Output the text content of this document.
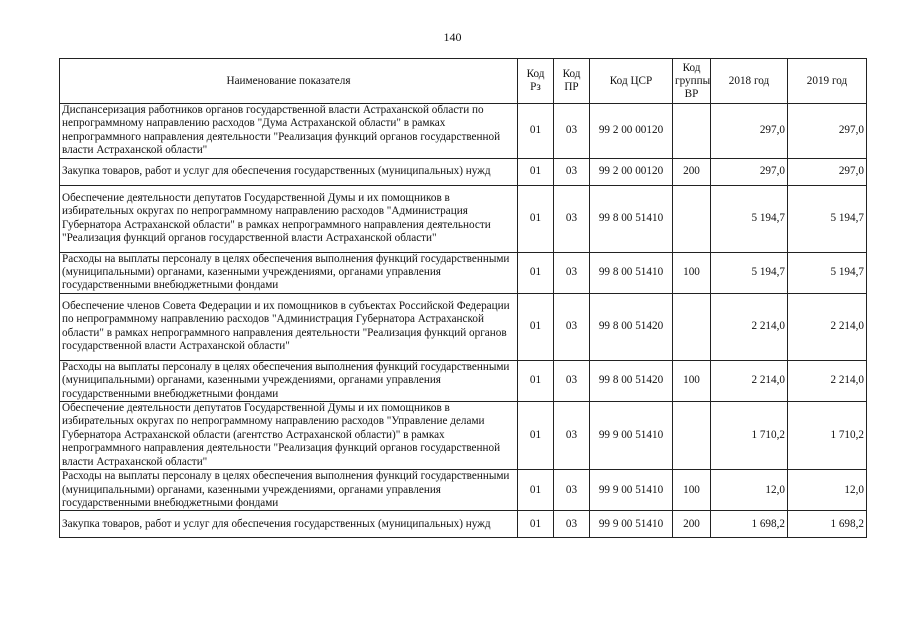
140
Наименование показателя	Код Рз	Код ПР	Код ЦСР	Код группы ВР	2018 год	2019 год
Диспансеризация работников органов государственной власти Астраханской области по непрограммному направлению расходов "Дума Астраханской области" в рамках непрограммного направления деятельности "Реализация функций органов государственной власти Астраханской области"	01	03	99 2 00 00120		297,0	297,0
Закупка товаров, работ и услуг для обеспечения государственных (муниципальных) нужд	01	03	99 2 00 00120	200	297,0	297,0
Обеспечение деятельности депутатов Государственной Думы и их помощников в избирательных округах по непрограммному направлению расходов "Администрация Губернатора Астраханской области" в рамках непрограммного направления деятельности "Реализация функций органов государственной власти Астраханской области"	01	03	99 8 00 51410		5 194,7	5 194,7
Расходы на выплаты персоналу в целях обеспечения выполнения функций государственными (муниципальными) органами, казенными учреждениями, органами управления государственными внебюджетными фондами	01	03	99 8 00 51410	100	5 194,7	5 194,7
Обеспечение членов Совета Федерации и их помощников в субъектах Российской Федерации по непрограммному направлению расходов "Администрация Губернатора Астраханской области" в рамках непрограммного направления деятельности "Реализация функций органов государственной власти Астраханской области"	01	03	99 8 00 51420		2 214,0	2 214,0
Расходы на выплаты персоналу в целях обеспечения выполнения функций государственными (муниципальными) органами, казенными учреждениями, органами управления государственными внебюджетными фондами	01	03	99 8 00 51420	100	2 214,0	2 214,0
Обеспечение деятельности депутатов Государственной Думы и их помощников в избирательных округах по непрограммному направлению расходов "Управление делами Губернатора Астраханской области (агентство Астраханской области)" в рамках непрограммного направления деятельности "Реализация функций органов государственной власти Астраханской области"	01	03	99 9 00 51410		1 710,2	1 710,2
Расходы на выплаты персоналу в целях обеспечения выполнения функций государственными (муниципальными) органами, казенными учреждениями, органами управления государственными внебюджетными фондами	01	03	99 9 00 51410	100	12,0	12,0
Закупка товаров, работ и услуг для обеспечения государственных (муниципальных) нужд	01	03	99 9 00 51410	200	1 698,2	1 698,2
